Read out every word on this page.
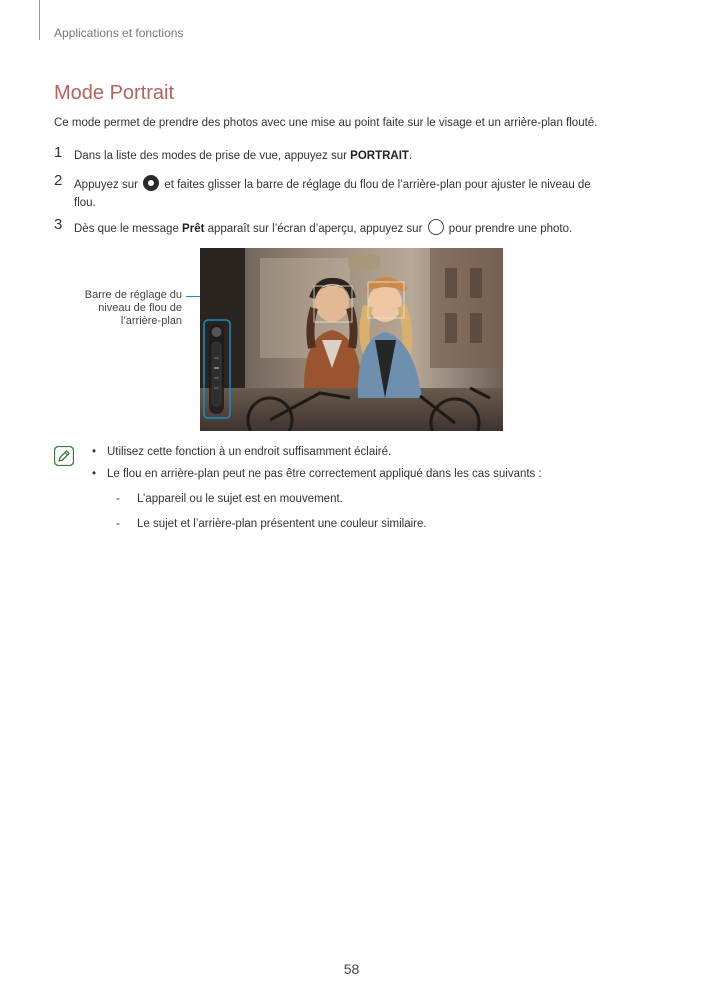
Applications et fonctions
Mode Portrait
Ce mode permet de prendre des photos avec une mise au point faite sur le visage et un arrière-plan flouté.
1 Dans la liste des modes de prise de vue, appuyez sur PORTRAIT.
2 Appuyez sur  et faites glisser la barre de réglage du flou de l’arrière-plan pour ajuster le niveau de
flou.
3 Dès que le message Prêt apparaît sur l’écran d’aperçu, appuyez sur  pour prendre une photo.
Barre de réglage du
niveau de flou de
l’arrière-plan
• Utilisez cette fonction à un endroit suffisamment éclairé.
• Le flou en arrière-plan peut ne pas être correctement appliqué dans les cas suivants :
- L’appareil ou le sujet est en mouvement.
- Le sujet et l’arrière-plan présentent une couleur similaire.
58
